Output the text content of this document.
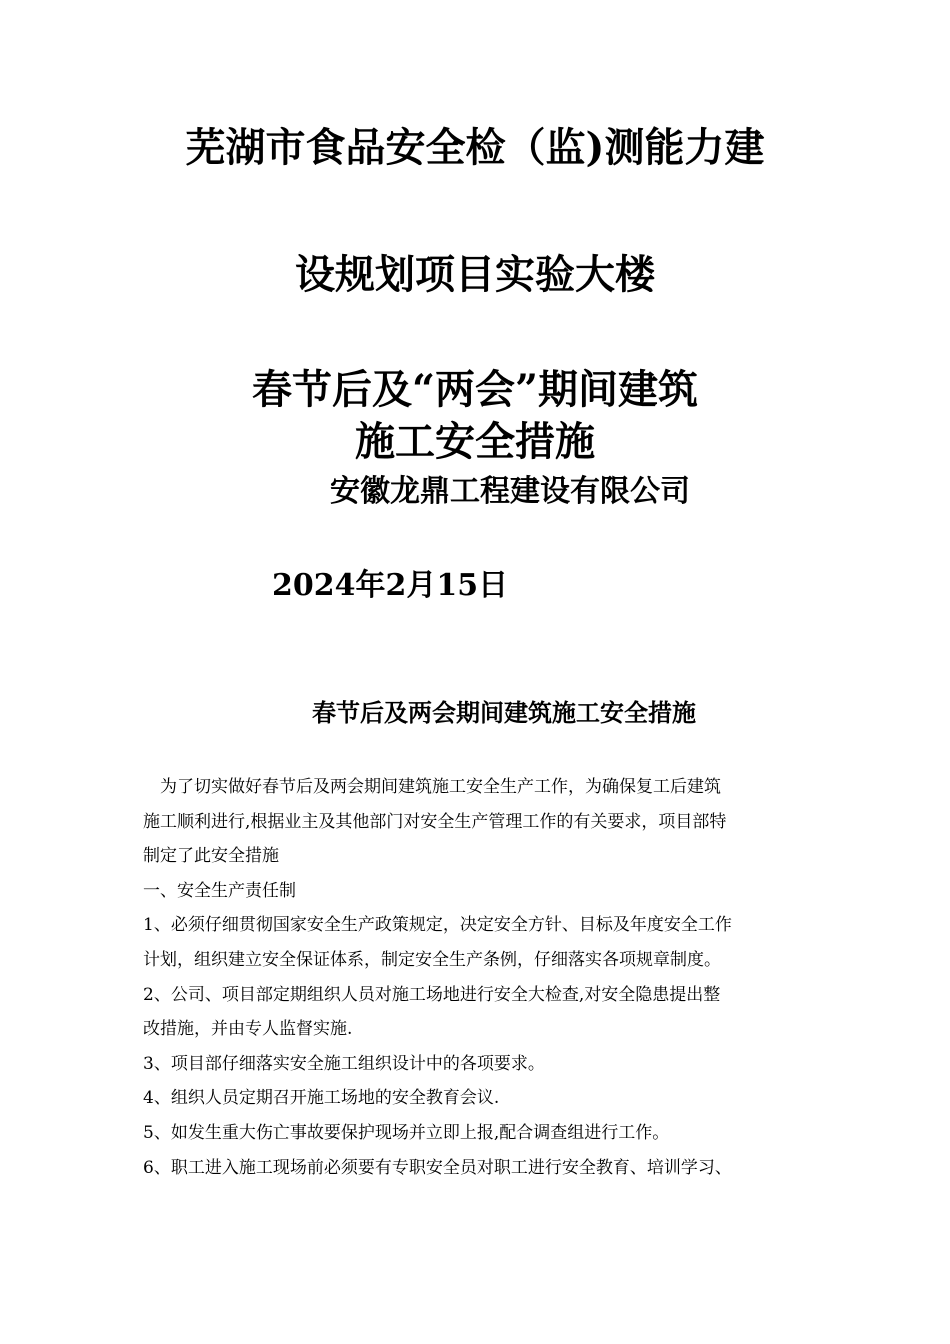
芜湖市食品安全检（监)测能力建
设规划项目实验大楼
春节后及“两会”期间建筑
施工安全措施
安徽龙鼎工程建设有限公司
2024年2月15日
春节后及两会期间建筑施工安全措施
为了切实做好春节后及两会期间建筑施工安全生产工作，为确保复工后建筑
施工顺利进行,根据业主及其他部门对安全生产管理工作的有关要求，项目部特
制定了此安全措施
一、安全生产责任制
1、必须仔细贯彻国家安全生产政策规定，决定安全方针、目标及年度安全工作
计划，组织建立安全保证体系，制定安全生产条例，仔细落实各项规章制度。
2、公司、项目部定期组织人员对施工场地进行安全大检查,对安全隐患提出整
改措施，并由专人监督实施.
3、项目部仔细落实安全施工组织设计中的各项要求。
4、组织人员定期召开施工场地的安全教育会议.
5、如发生重大伤亡事故要保护现场并立即上报,配合调查组进行工作。
6、职工进入施工现场前必须要有专职安全员对职工进行安全教育、培训学习、
